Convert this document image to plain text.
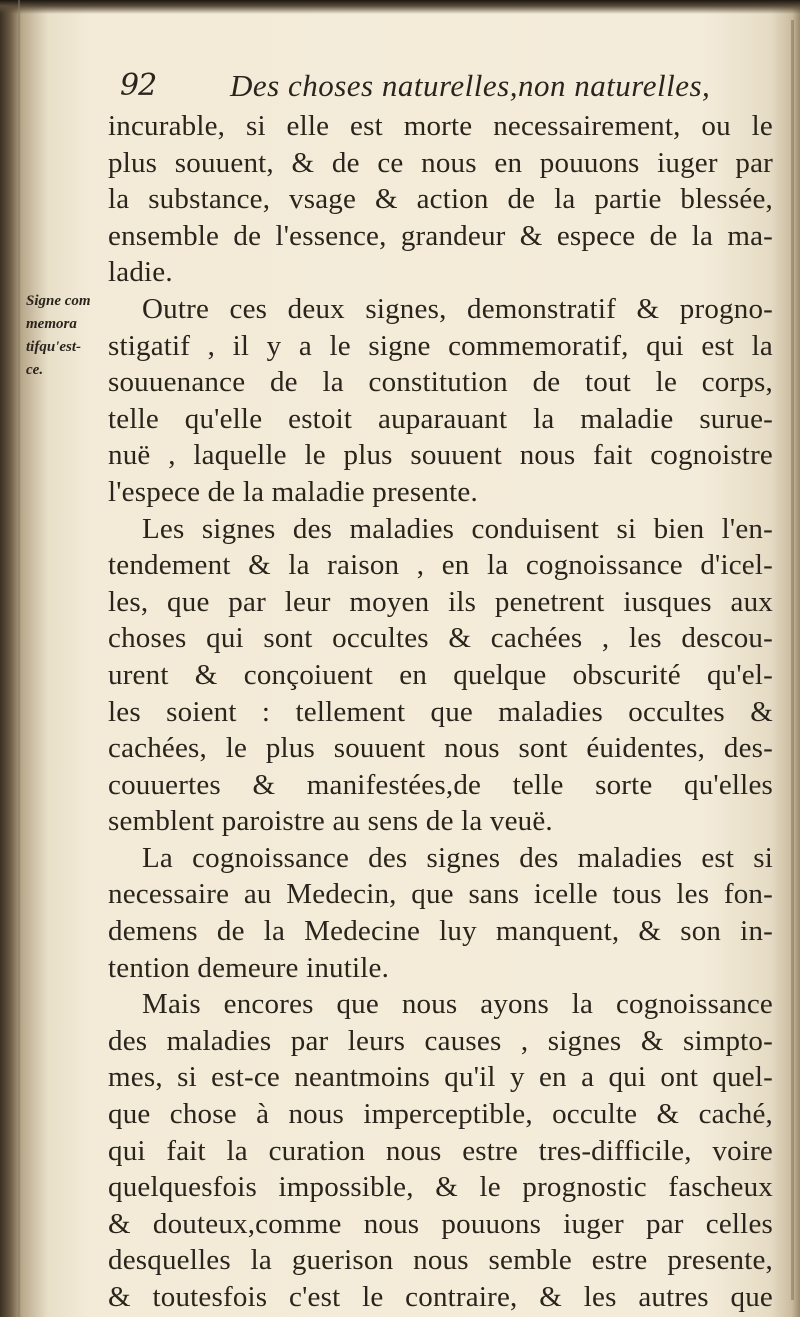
92 Des choses naturelles,non naturelles,
Signe com
memora
tifqu'est-
ce.
incurable, si elle est morte necessairement, ou le
plus souuent, & de ce nous en pouuons iuger par
la substance, vsage & action de la partie blessée,
ensemble de l'essence, grandeur & espece de la ma-
ladie.
Outre ces deux signes, demonstratif & progno-
stigatif , il y a le signe commemoratif, qui est la
souuenance de la constitution de tout le corps,
telle qu'elle estoit auparauant la maladie surue-
nuë , laquelle le plus souuent nous fait cognoistre
l'espece de la maladie presente.
Les signes des maladies conduisent si bien l'en-
tendement & la raison , en la cognoissance d'icel-
les, que par leur moyen ils penetrent iusques aux
choses qui sont occultes & cachées , les descou-
urent & conçoiuent en quelque obscurité qu'el-
les soient : tellement que maladies occultes &
cachées, le plus souuent nous sont éuidentes, des-
couuertes & manifestées,de telle sorte qu'elles
semblent paroistre au sens de la veuë.
La cognoissance des signes des maladies est si
necessaire au Medecin, que sans icelle tous les fon-
demens de la Medecine luy manquent, & son in-
tention demeure inutile.
Mais encores que nous ayons la cognoissance
des maladies par leurs causes , signes & simpto-
mes, si est-ce neantmoins qu'il y en a qui ont quel-
que chose à nous imperceptible, occulte & caché,
qui fait la curation nous estre tres-difficile, voire
quelquesfois impossible, & le prognostic fascheux
& douteux,comme nous pouuons iuger par celles
desquelles la guerison nous semble estre presente,
& toutesfois c'est le contraire, & les autres que
